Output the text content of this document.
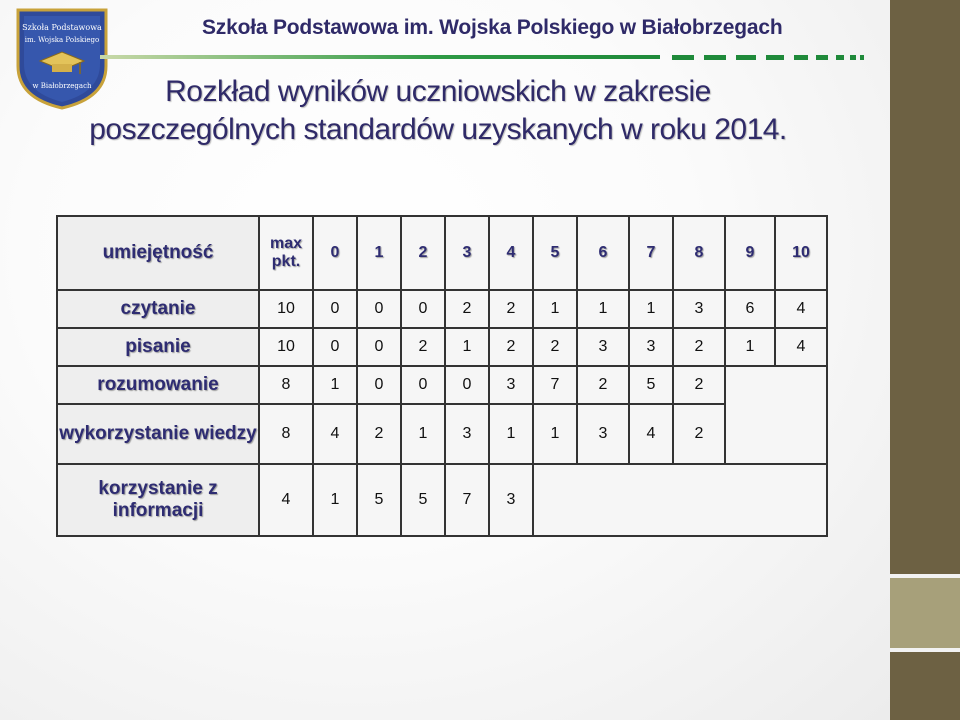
Szkoła Podstawowa
im. Wojska Polskiego
w Białobrzegach
Szkoła Podstawowa im. Wojska Polskiego w Białobrzegach
Rozkład wyników uczniowskich w zakresie
poszczególnych standardów uzyskanych w roku 2014.
umiejętność	max pkt.	0	1	2	3	4	5	6	7	8	9	10
czytanie	10	0	0	0	2	2	1	1	1	3	6	4
pisanie	10	0	0	2	1	2	2	3	3	2	1	4
rozumowanie	8	1	0	0	0	3	7	2	5	2		
wykorzystanie wiedzy	8	4	2	1	3	1	1	3	4	2		
korzystanie z informacji	4	1	5	5	7	3						
